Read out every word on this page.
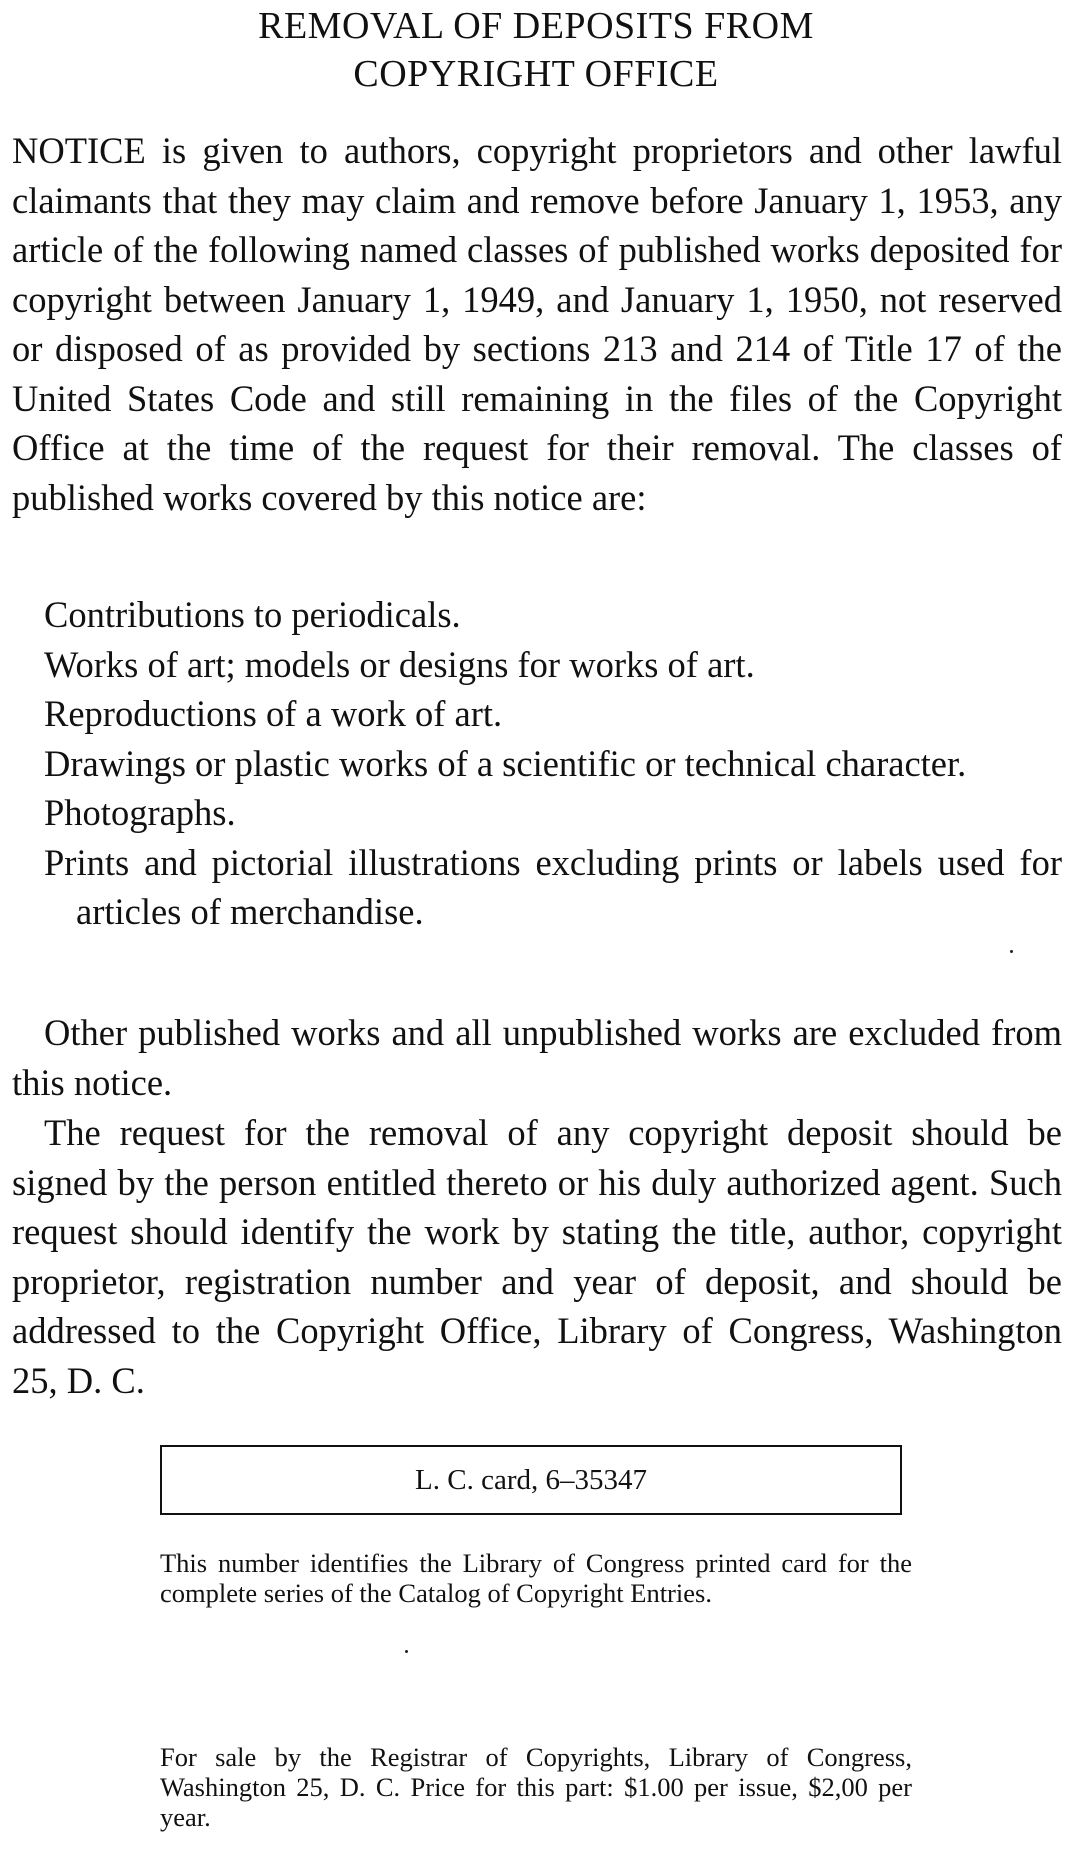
REMOVAL OF DEPOSITS FROM
COPYRIGHT OFFICE

NOTICE is given to authors, copyright proprietors and other lawful claimants that they may claim and remove before January 1, 1953, any article of the following named classes of published works deposited for copyright between January 1, 1949, and January 1, 1950, not reserved or disposed of as provided by sections 213 and 214 of Title 17 of the United States Code and still remaining in the files of the Copyright Office at the time of the request for their removal. The classes of published works covered by this notice are:

Contributions to periodicals.
Works of art; models or designs for works of art.
Reproductions of a work of art.
Drawings or plastic works of a scientific or technical character.
Photographs.
Prints and pictorial illustrations excluding prints or labels used for articles of merchandise.

Other published works and all unpublished works are excluded from this notice.

The request for the removal of any copyright deposit should be signed by the person entitled thereto or his duly authorized agent. Such request should identify the work by stating the title, author, copyright proprietor, registration number and year of deposit, and should be addressed to the Copyright Office, Library of Congress, Washington 25, D. C.

L. C. card, 6–35347

This number identifies the Library of Congress printed card for the complete series of the Catalog of Copyright Entries.

For sale by the Registrar of Copyrights, Library of Congress, Washington 25, D. C. Price for this part: $1.00 per issue, $2,00 per year.
